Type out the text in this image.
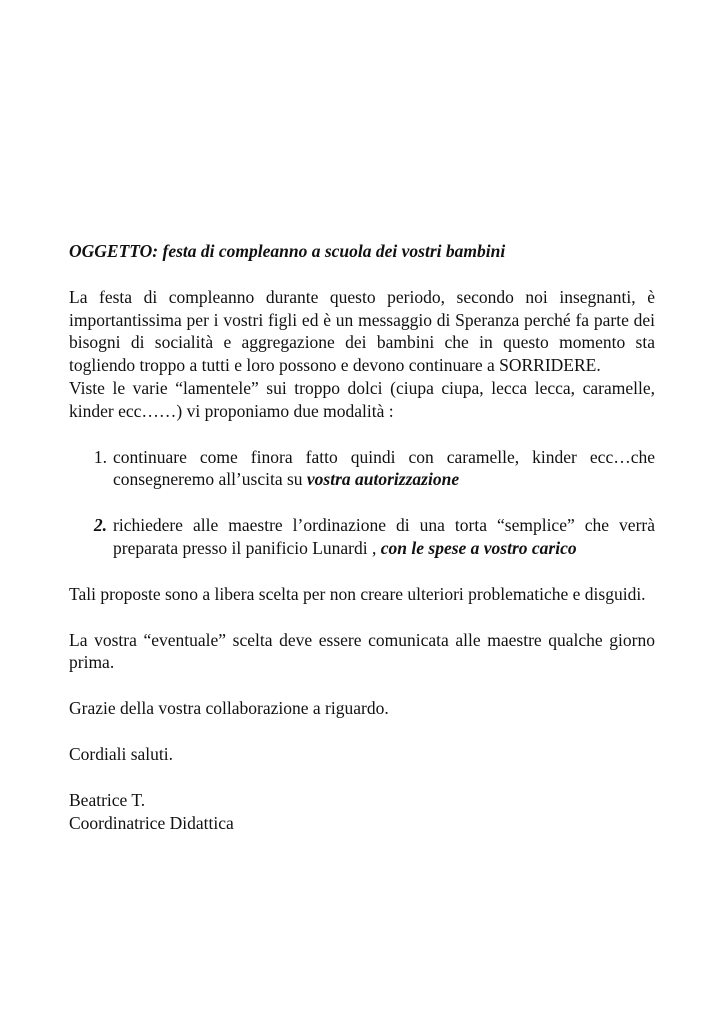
OGGETTO: festa di compleanno a scuola dei vostri bambini

La festa di compleanno durante questo periodo, secondo noi insegnanti, è importantissima per i vostri figli ed è un messaggio di Speranza perché fa parte dei bisogni di socialità e aggregazione dei bambini che in questo momento sta togliendo troppo a tutti e loro possono e devono continuare a SORRIDERE.

Viste le varie “lamentele” sui troppo dolci (ciupa ciupa, lecca lecca, caramelle, kinder ecc……) vi proponiamo due modalità :

1. continuare come finora fatto quindi con caramelle, kinder ecc…che consegneremo all’uscita su vostra autorizzazione
2. richiedere alle maestre l’ordinazione di una torta “semplice” che verrà preparata presso il panificio Lunardi , con le spese a vostro carico

Tali proposte sono a libera scelta per non creare ulteriori problematiche e disguidi.

La vostra “eventuale” scelta deve essere comunicata alle maestre qualche giorno prima.

Grazie della vostra collaborazione a riguardo.

Cordiali saluti.

Beatrice T.

Coordinatrice Didattica
